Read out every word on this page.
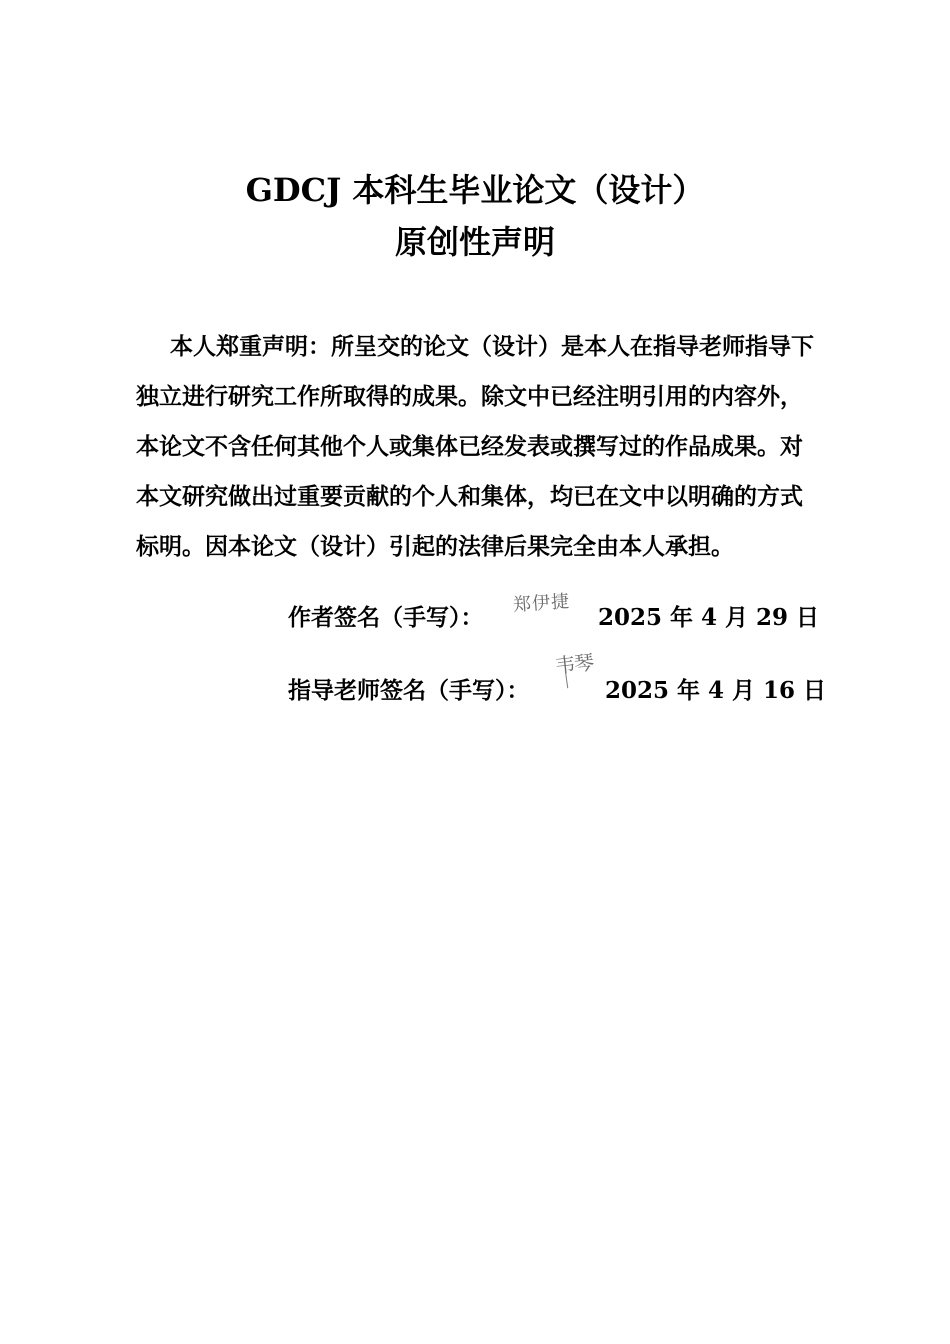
GDCJ 本科生毕业论文（设计）
原创性声明
本人郑重声明：所呈交的论文（设计）是本人在指导老师指导下
独立进行研究工作所取得的成果。除文中已经注明引用的内容外，
本论文不含任何其他个人或集体已经发表或撰写过的作品成果。对
本文研究做出过重要贡献的个人和集体，均已在文中以明确的方式
标明。因本论文（设计）引起的法律后果完全由本人承担。
作者签名（手写）：	2025 年 4 月 29 日
郑伊捷
指导老师签名（手写）：	2025 年 4 月 16 日
韦琴
